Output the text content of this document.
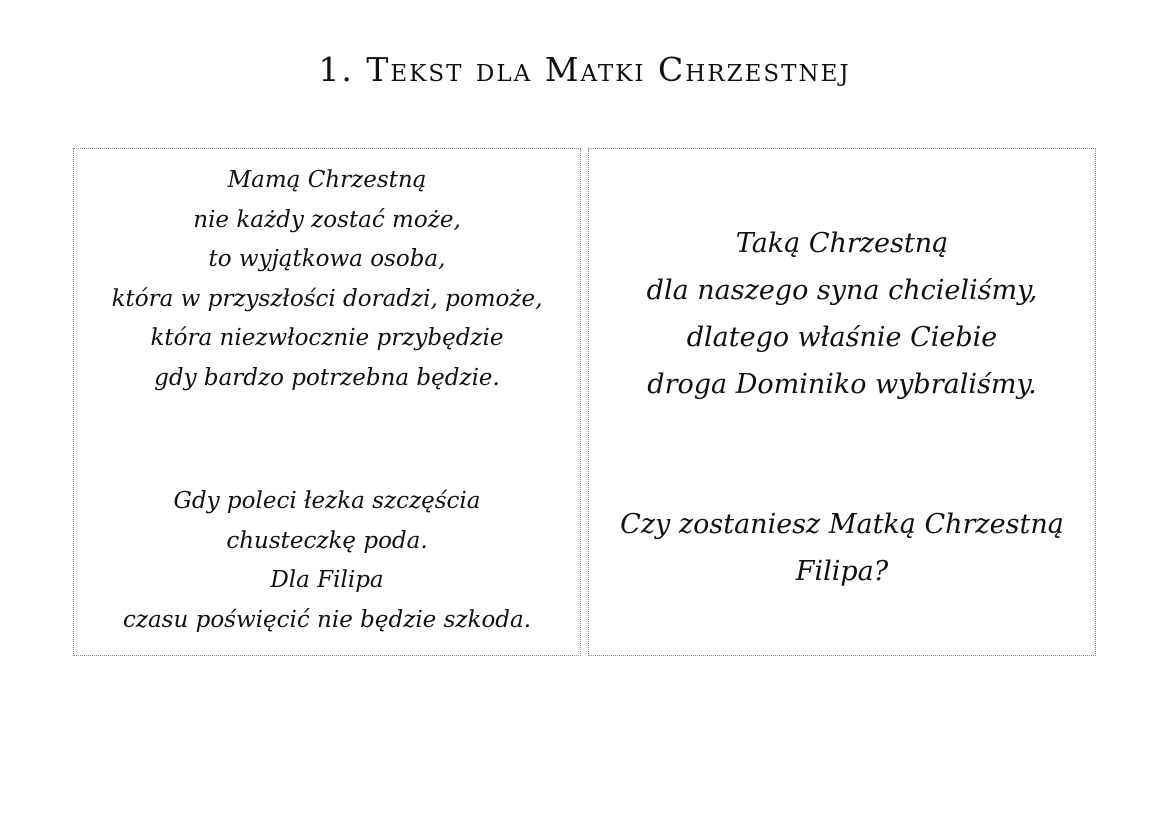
1. Tekst dla Matki Chrzestnej
Mamą Chrzestną
nie każdy zostać może,
to wyjątkowa osoba,
która w przyszłości doradzi, pomoże,
która niezwłocznie przybędzie
gdy bardzo potrzebna będzie.
Gdy poleci łezka szczęścia
chusteczkę poda.
Dla Filipa
czasu poświęcić nie będzie szkoda.
Taką Chrzestną
dla naszego syna chcieliśmy,
dlatego właśnie Ciebie
droga Dominiko wybraliśmy.
Czy zostaniesz Matką Chrzestną
Filipa?
